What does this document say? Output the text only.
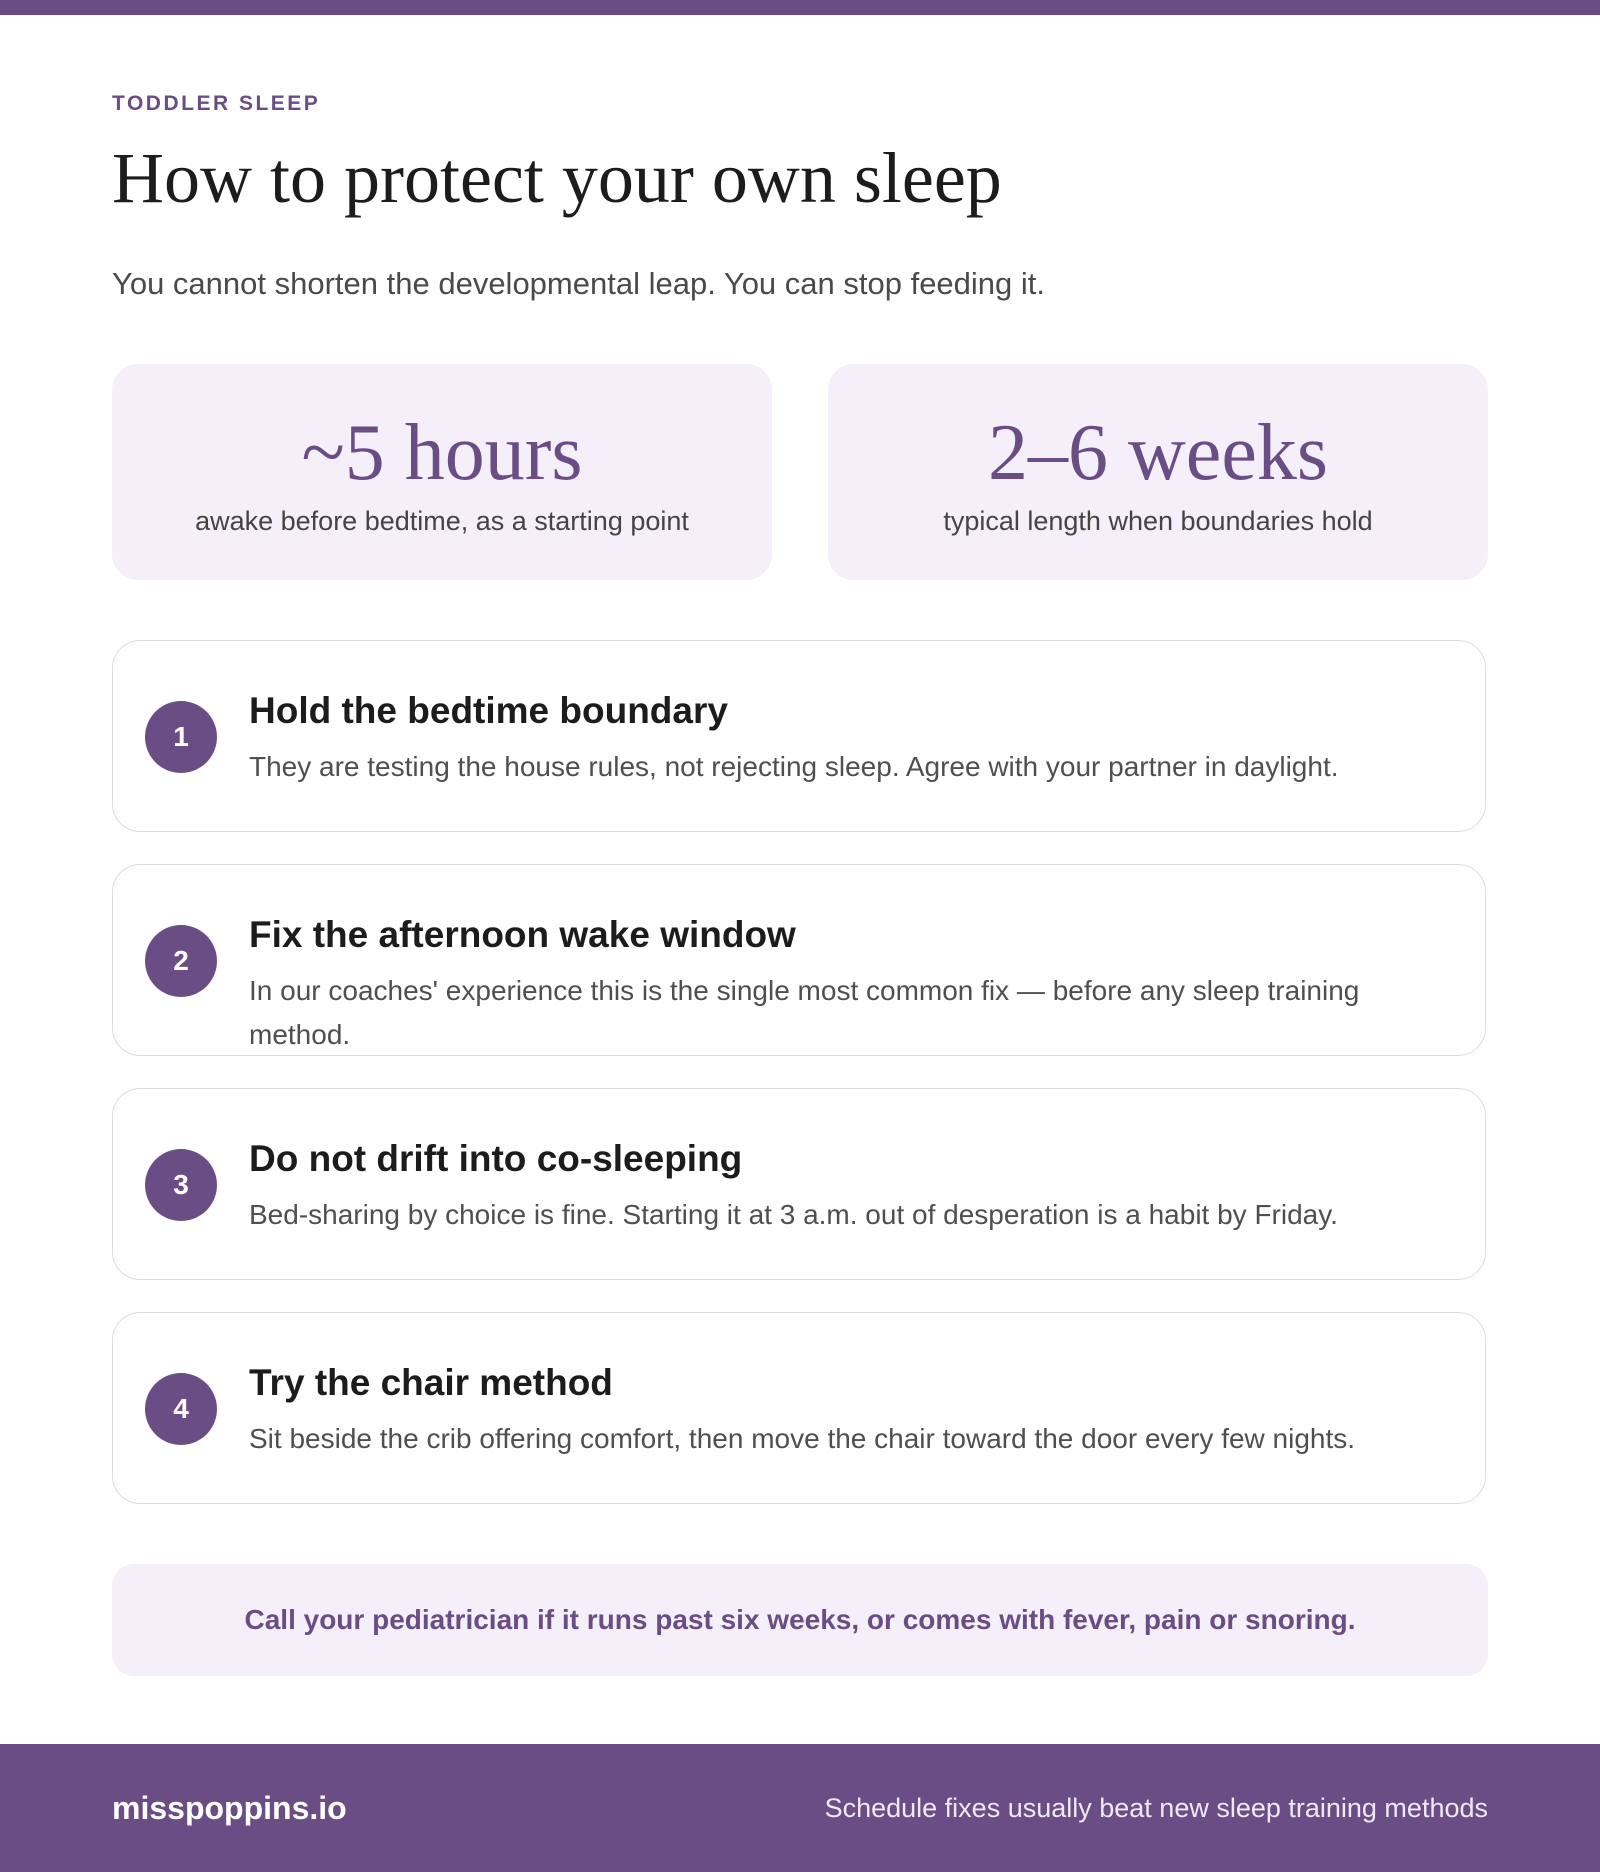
TODDLER SLEEP
How to protect your own sleep
You cannot shorten the developmental leap. You can stop feeding it.
~5 hours
awake before bedtime, as a starting point
2–6 weeks
typical length when boundaries hold
1
Hold the bedtime boundary
They are testing the house rules, not rejecting sleep. Agree with your partner in daylight.
2
Fix the afternoon wake window
In our coaches' experience this is the single most common fix — before any sleep training method.
3
Do not drift into co-sleeping
Bed-sharing by choice is fine. Starting it at 3 a.m. out of desperation is a habit by Friday.
4
Try the chair method
Sit beside the crib offering comfort, then move the chair toward the door every few nights.
Call your pediatrician if it runs past six weeks, or comes with fever, pain or snoring.
misspoppins.io	Schedule fixes usually beat new sleep training methods
